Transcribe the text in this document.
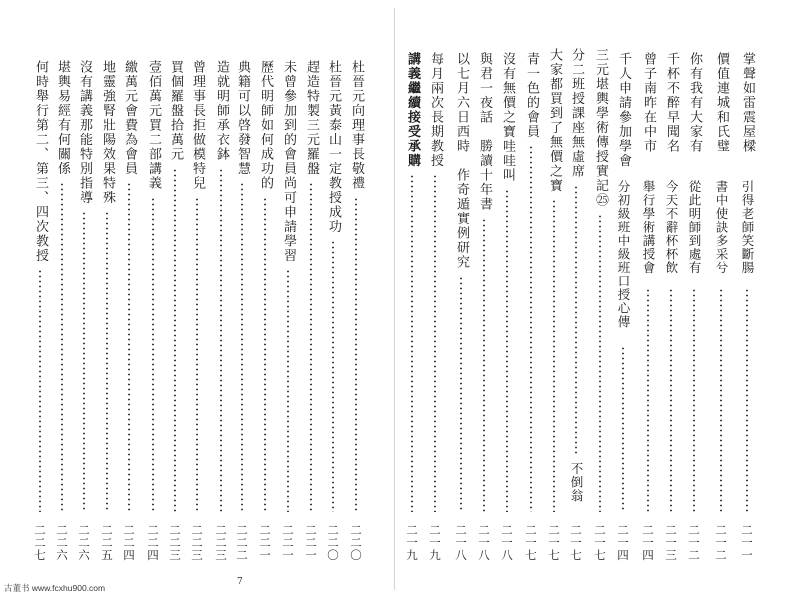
掌聲如雷震屋樑
引得老師笑斷腸
二一一
價值連城和氏璧
書中使訣多采兮
二一二
你有我有大家有
從此明師到處有
二一二
千杯不醉早聞名
今天不辭杯杯飲
二一三
曾子南昨在中市
舉行學術講授會
二一四
千人申請參加學會
分初級班中級班口授心傳
二一四
三元堪輿學術傳授實記㉕
二一七
分二班授課座無虛席
不倒翁
二一七
大家都買到了無價之寶
二一七
青一色的會員
二一七
沒有無價之寶哇哇叫
二一八
與君一夜話　勝讀十年書
二一八
以七月六日西時　作奇遁實例研究
二一八
每月兩次長期教授
二一九
講義繼續接受承購
二一九
杜晉元向理事長敬禮
二二〇
杜晉元黃泰山一定教授成功
二二〇
趕造特製三元羅盤
二二一
未曾參加到的會員尚可申請學習
二二一
歷代明師如何成功的
二二一
典籍可以啓發智慧
二二二
造就明師承衣鉢
二二三
曾理事長拒做模特兒
二二三
買個羅盤拾萬元
二二三
壹佰萬元買二部講義
二二四
繳萬元會費為會員
二二四
地靈強腎壯陽效果特殊
二二五
沒有講義那能特別指導
二二六
堪輿易經有何關係
二二六
何時舉行第二、第三、四次教授
二二七
7
古董书 www.fcxhu900.com
